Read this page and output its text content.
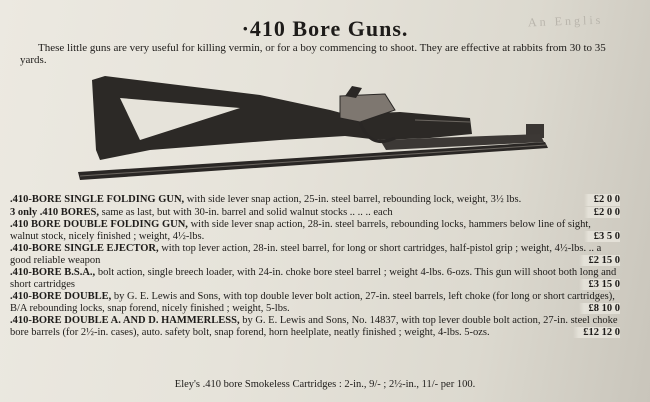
·410 Bore Guns.	An Englis
These little guns are very useful for killing vermin, or for a boy commencing to shoot. They are effective at rabbits from 30 to 35 yards.
.410-BORE SINGLE FOLDING GUN, with side lever snap action, 25-in. steel barrel, rebounding lock, weight, 3½ lbs.	£2 0 0
3 only .410 BORES, same as last, but with 30-in. barrel and solid walnut stocks .. .. .. each	£2 0 0
.410 BORE DOUBLE FOLDING GUN, with side lever snap action, 28-in. steel barrels, rebounding locks, hammers below line of sight, walnut stock, nicely finished ; weight, 4½-lbs.	£3 5 0
.410-BORE SINGLE EJECTOR, with top lever action, 28-in. steel barrel, for long or short cartridges, half-pistol grip ; weight, 4½-lbs. .. a good reliable weapon	£2 15 0
.410-BORE B.S.A., bolt action, single breech loader, with 24-in. choke bore steel barrel ; weight 4-lbs. 6-ozs. This gun will shoot both long and short cartridges	£3 15 0
.410-BORE DOUBLE, by G. E. Lewis and Sons, with top double lever bolt action, 27-in. steel barrels, left choke (for long or short cartridges), B/A rebounding locks, snap forend, nicely finished ; weight, 5-lbs.	£8 10 0
.410-BORE DOUBLE A. AND D. HAMMERLESS, by G. E. Lewis and Sons, No. 14837, with top lever double bolt action, 27-in. steel choke bore barrels (for 2½-in. cases), auto. safety bolt, snap forend, horn heelplate, neatly finished ; weight, 4-lbs. 5-ozs.	£12 12 0
Eley's .410 bore Smokeless Cartridges : 2-in., 9/- ; 2½-in., 11/- per 100.
